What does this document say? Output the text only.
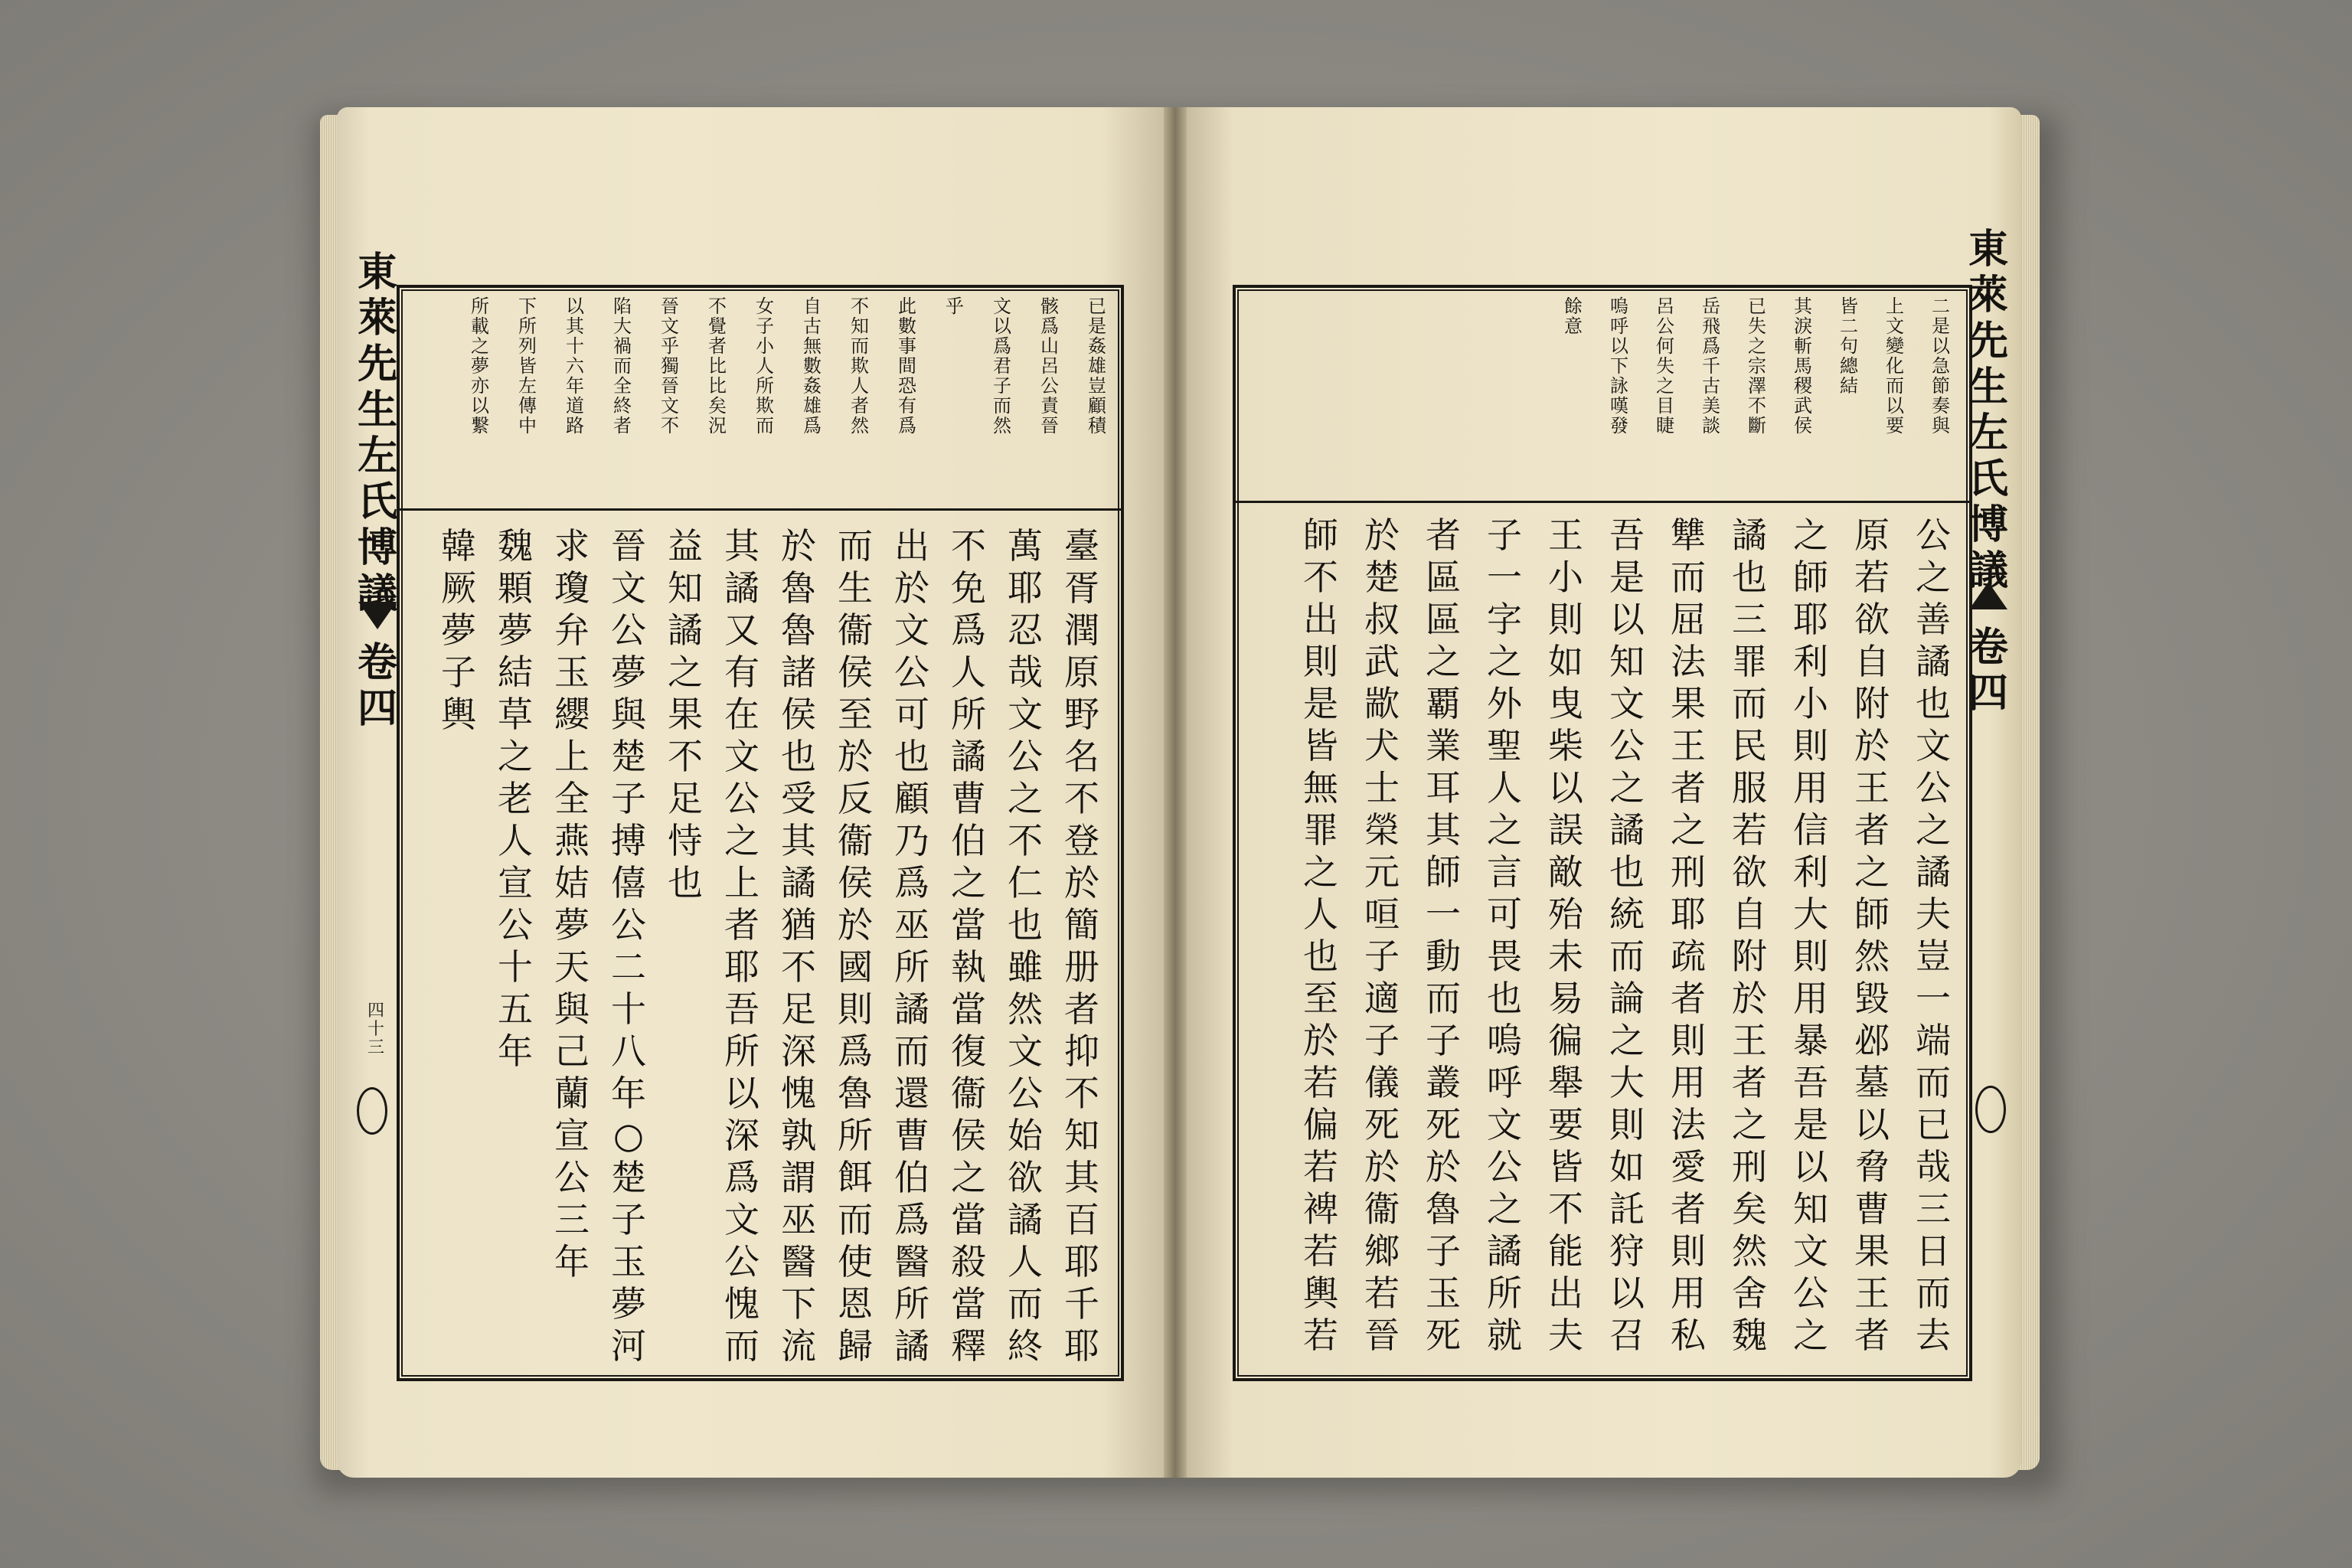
已
是
姦
雄
豈
顧
積
骸
爲
山
呂
公
責
晉
文
以
爲
君
子
而
然
乎
此
數
事
間
恐
有
爲
不
知
而
欺
人
者
然
自
古
無
數
姦
雄
爲
女
子
小
人
所
欺
而
不
覺
者
比
比
矣
況
晉
文
乎
獨
晉
文
不
陷
大
禍
而
全
終
者
以
其
十
六
年
道
路
下
所
列
皆
左
傳
中
所
載
之
夢
亦
以
繋
臺
胥
潤
原
野
名
不
登
於
簡
册
者
抑
不
知
其
百
耶
千
耶
萬
耶
忍
哉
文
公
之
不
仁
也
雖
然
文
公
始
欲
譎
人
而
終
不
免
爲
人
所
譎
曹
伯
之
當
執
當
復
衞
侯
之
當
殺
當
釋
出
於
文
公
可
也
顧
乃
爲
巫
所
譎
而
還
曹
伯
爲
醫
所
譎
而
生
衞
侯
至
於
反
衞
侯
於
國
則
爲
魯
所
餌
而
使
恩
歸
於
魯
魯
諸
侯
也
受
其
譎
猶
不
足
深
愧
孰
謂
巫
醫
下
流
其
譎
又
有
在
文
公
之
上
者
耶
吾
所
以
深
爲
文
公
愧
而
益
知
譎
之
果
不
足
恃
也
晉
文
公
夢
與
楚
子
搏
僖
公
二
十
八
年
○
楚
子
玉
夢
河
求
瓊
弁
玉
纓
上
全
燕
姞
夢
天
與
己
蘭
宣
公
三
年
魏
顆
夢
結
草
之
老
人
宣
公
十
五
年
韓
厥
夢
子
輿
東
萊
先
生
左
氏
博
議
卷
四
四
十
三
二
是
以
急
節
奏
與
上
文
變
化
而
以
要
皆
二
句
總
結
其
淚
斬
馬
稷
武
侯
已
失
之
宗
澤
不
斷
岳
飛
爲
千
古
美
談
呂
公
何
失
之
目
睫
嗚
呼
以
下
詠
嘆
發
餘
意
公
之
善
譎
也
文
公
之
譎
夫
豈
一
端
而
已
哉
三
日
而
去
原
若
欲
自
附
於
王
者
之
師
然
毀
邲
墓
以
脅
曹
果
王
者
之
師
耶
利
小
則
用
信
利
大
則
用
暴
吾
是
以
知
文
公
之
譎
也
三
罪
而
民
服
若
欲
自
附
於
王
者
之
刑
矣
然
舍
魏
犨
而
屈
法
果
王
者
之
刑
耶
疏
者
則
用
法
愛
者
則
用
私
吾
是
以
知
文
公
之
譎
也
統
而
論
之
大
則
如
託
狩
以
召
王
小
則
如
曳
柴
以
誤
敵
殆
未
易
徧
舉
要
皆
不
能
出
夫
子
一
字
之
外
聖
人
之
言
可
畏
也
嗚
呼
文
公
之
譎
所
就
者
區
區
之
覇
業
耳
其
師
一
動
而
子
叢
死
於
魯
子
玉
死
於
楚
叔
武
歂
犬
士
榮
元
咺
子
適
子
儀
死
於
衞
鄉
若
晉
師
不
出
則
是
皆
無
罪
之
人
也
至
於
若
偏
若
裨
若
輿
若
東
萊
先
生
左
氏
博
議
卷
四
